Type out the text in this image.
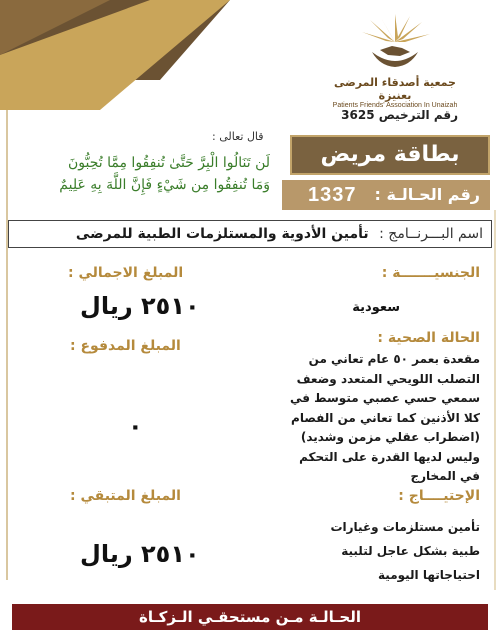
جمعية أصدقاء المرضى بعنيزة
Patients Friends' Association In Unaizah
رقم الترخيص 3625
قال تعالى :
لَن تَنَالُوا الْبِرَّ حَتَّىٰ تُنفِقُوا مِمَّا تُحِبُّونَ
وَمَا تُنفِقُوا مِن شَيْءٍ فَإِنَّ اللَّهَ بِهِ عَلِيمٌ
بطاقة مريض
رقم الحـالـة :
1337
اسم البـــرنــامج : تأمين الأدوية والمستلزمات الطبية للمرضى
الجنسيـــــــة :
سعودية
الحالة الصحية :
مقعدة بعمر ٥٠ عام تعاني من التصلب اللويحي المتعدد وضعف سمعي حسي عصبي متوسط في كلا الأذنين كما تعاني من الفصام (اضطراب عقلي مزمن وشديد) وليس لديها القدرة على التحكم في المخارج
الإحتيــــاج :
تأمين مستلزمات وغيارات طبية بشكل عاجل لتلبية احتياجاتها اليومية
المبلغ الاجمالي :
٢٥١٠ ريال
المبلغ المدفوع :
٠
المبلغ المتبقي :
٢٥١٠ ريال
الحـالـة مـن مستحقـي الـزكـاة
